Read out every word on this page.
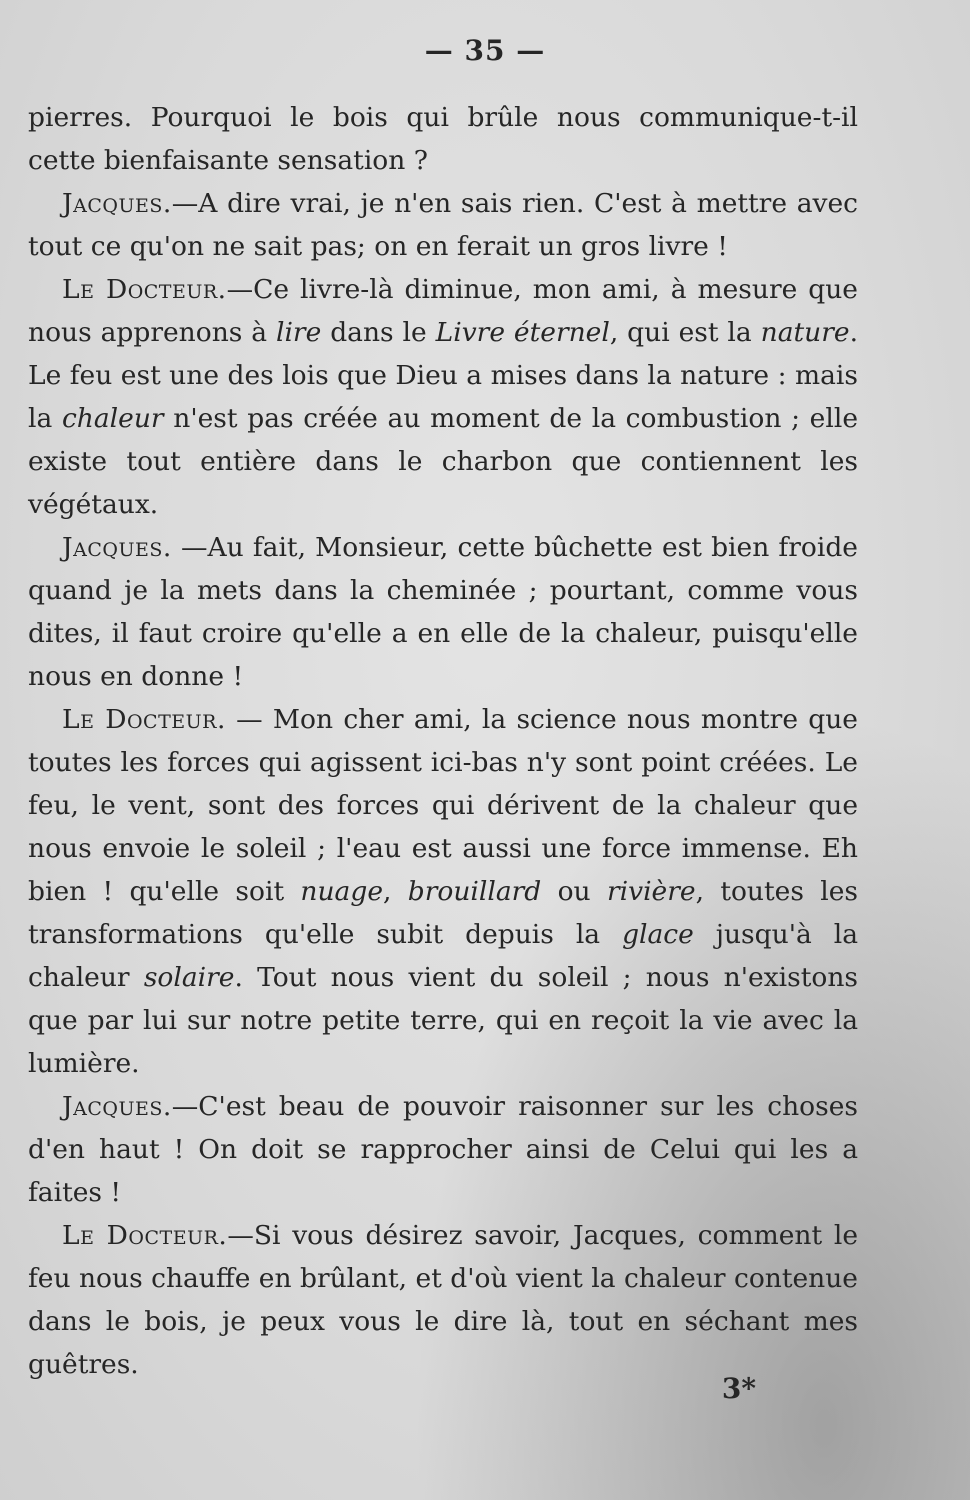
— 35 —

pierres. Pourquoi le bois qui brûle nous communique-t-il cette bienfaisante sensation ?

Jacques.—A dire vrai, je n'en sais rien. C'est à mettre avec tout ce qu'on ne sait pas; on en ferait un gros livre !

Le Docteur.—Ce livre-là diminue, mon ami, à mesure que nous apprenons à lire dans le Livre éternel, qui est la nature. Le feu est une des lois que Dieu a mises dans la nature : mais la chaleur n'est pas créée au moment de la combustion ; elle existe tout entière dans le charbon que contiennent les végétaux.

Jacques. —Au fait, Monsieur, cette bûchette est bien froide quand je la mets dans la cheminée ; pourtant, comme vous dites, il faut croire qu'elle a en elle de la chaleur, puisqu'elle nous en donne !

Le Docteur. — Mon cher ami, la science nous montre que toutes les forces qui agissent ici-bas n'y sont point créées. Le feu, le vent, sont des forces qui dérivent de la chaleur que nous envoie le soleil ; l'eau est aussi une force immense. Eh bien ! qu'elle soit nuage, brouillard ou rivière, toutes les transformations qu'elle subit depuis la glace jusqu'à la chaleur solaire. Tout nous vient du soleil ; nous n'existons que par lui sur notre petite terre, qui en reçoit la vie avec la lumière.

Jacques.—C'est beau de pouvoir raisonner sur les choses d'en haut ! On doit se rapprocher ainsi de Celui qui les a faites !

Le Docteur.—Si vous désirez savoir, Jacques, comment le feu nous chauffe en brûlant, et d'où vient la chaleur contenue dans le bois, je peux vous le dire là, tout en séchant mes guêtres.

3*
